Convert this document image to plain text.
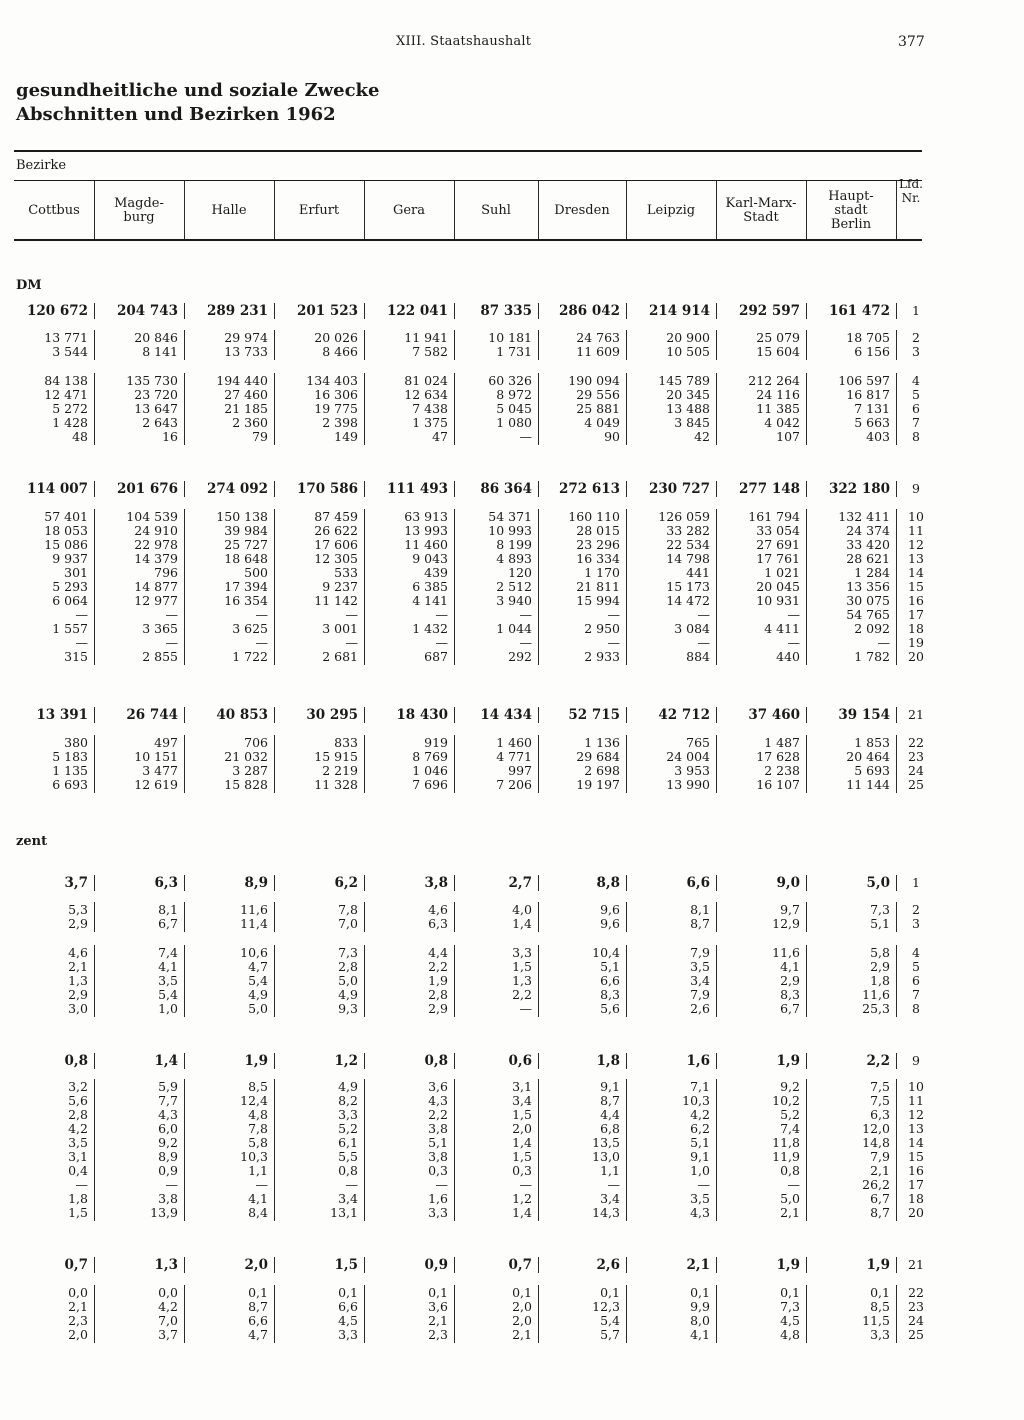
XIII. Staatshaushalt	377
gesundheitliche und soziale Zwecke
Abschnitten und Bezirken 1962
Bezirke
Cottbus	Magde-
burg	Halle	Erfurt	Gera	Suhl	Dresden	Leipzig	Karl-Marx-
Stadt
Haupt-
stadt
Berlin
Lfd.
Nr.
DM
zent
120 672	204 743	289 231	201 523	122 041	87 335	286 042	214 914	292 597	161 472	1
13 771	20 846	29 974	20 026	11 941	10 181	24 763	20 900	25 079	18 705	2
3 544	8 141	13 733	8 466	7 582	1 731	11 609	10 505	15 604	6 156	3
84 138	135 730	194 440	134 403	81 024	60 326	190 094	145 789	212 264	106 597	4
12 471	23 720	27 460	16 306	12 634	8 972	29 556	20 345	24 116	16 817	5
5 272	13 647	21 185	19 775	7 438	5 045	25 881	13 488	11 385	7 131	6
1 428	2 643	2 360	2 398	1 375	1 080	4 049	3 845	4 042	5 663	7
48	16	79	149	47	—	90	42	107	403	8
114 007	201 676	274 092	170 586	111 493	86 364	272 613	230 727	277 148	322 180	9
57 401	104 539	150 138	87 459	63 913	54 371	160 110	126 059	161 794	132 411	10
18 053	24 910	39 984	26 622	13 993	10 993	28 015	33 282	33 054	24 374	11
15 086	22 978	25 727	17 606	11 460	8 199	23 296	22 534	27 691	33 420	12
9 937	14 379	18 648	12 305	9 043	4 893	16 334	14 798	17 761	28 621	13
301	796	500	533	439	120	1 170	441	1 021	1 284	14
5 293	14 877	17 394	9 237	6 385	2 512	21 811	15 173	20 045	13 356	15
6 064	12 977	16 354	11 142	4 141	3 940	15 994	14 472	10 931	30 075	16
—	—	—	—	—	—	—	—	—	54 765	17
1 557	3 365	3 625	3 001	1 432	1 044	2 950	3 084	4 411	2 092	18
—	—	—	—	—	—	—	—	—	—	19
315	2 855	1 722	2 681	687	292	2 933	884	440	1 782	20
13 391	26 744	40 853	30 295	18 430	14 434	52 715	42 712	37 460	39 154	21
380	497	706	833	919	1 460	1 136	765	1 487	1 853	22
5 183	10 151	21 032	15 915	8 769	4 771	29 684	24 004	17 628	20 464	23
1 135	3 477	3 287	2 219	1 046	997	2 698	3 953	2 238	5 693	24
6 693	12 619	15 828	11 328	7 696	7 206	19 197	13 990	16 107	11 144	25
3,7	6,3	8,9	6,2	3,8	2,7	8,8	6,6	9,0	5,0	1
5,3	8,1	11,6	7,8	4,6	4,0	9,6	8,1	9,7	7,3	2
2,9	6,7	11,4	7,0	6,3	1,4	9,6	8,7	12,9	5,1	3
4,6	7,4	10,6	7,3	4,4	3,3	10,4	7,9	11,6	5,8	4
2,1	4,1	4,7	2,8	2,2	1,5	5,1	3,5	4,1	2,9	5
1,3	3,5	5,4	5,0	1,9	1,3	6,6	3,4	2,9	1,8	6
2,9	5,4	4,9	4,9	2,8	2,2	8,3	7,9	8,3	11,6	7
3,0	1,0	5,0	9,3	2,9	—	5,6	2,6	6,7	25,3	8
0,8	1,4	1,9	1,2	0,8	0,6	1,8	1,6	1,9	2,2	9
3,2	5,9	8,5	4,9	3,6	3,1	9,1	7,1	9,2	7,5	10
5,6	7,7	12,4	8,2	4,3	3,4	8,7	10,3	10,2	7,5	11
2,8	4,3	4,8	3,3	2,2	1,5	4,4	4,2	5,2	6,3	12
4,2	6,0	7,8	5,2	3,8	2,0	6,8	6,2	7,4	12,0	13
3,5	9,2	5,8	6,1	5,1	1,4	13,5	5,1	11,8	14,8	14
3,1	8,9	10,3	5,5	3,8	1,5	13,0	9,1	11,9	7,9	15
0,4	0,9	1,1	0,8	0,3	0,3	1,1	1,0	0,8	2,1	16
—	—	—	—	—	—	—	—	—	26,2	17
1,8	3,8	4,1	3,4	1,6	1,2	3,4	3,5	5,0	6,7	18
1,5	13,9	8,4	13,1	3,3	1,4	14,3	4,3	2,1	8,7	20
0,7	1,3	2,0	1,5	0,9	0,7	2,6	2,1	1,9	1,9	21
0,0	0,0	0,1	0,1	0,1	0,1	0,1	0,1	0,1	0,1	22
2,1	4,2	8,7	6,6	3,6	2,0	12,3	9,9	7,3	8,5	23
2,3	7,0	6,6	4,5	2,1	2,0	5,4	8,0	4,5	11,5	24
2,0	3,7	4,7	3,3	2,3	2,1	5,7	4,1	4,8	3,3	25
